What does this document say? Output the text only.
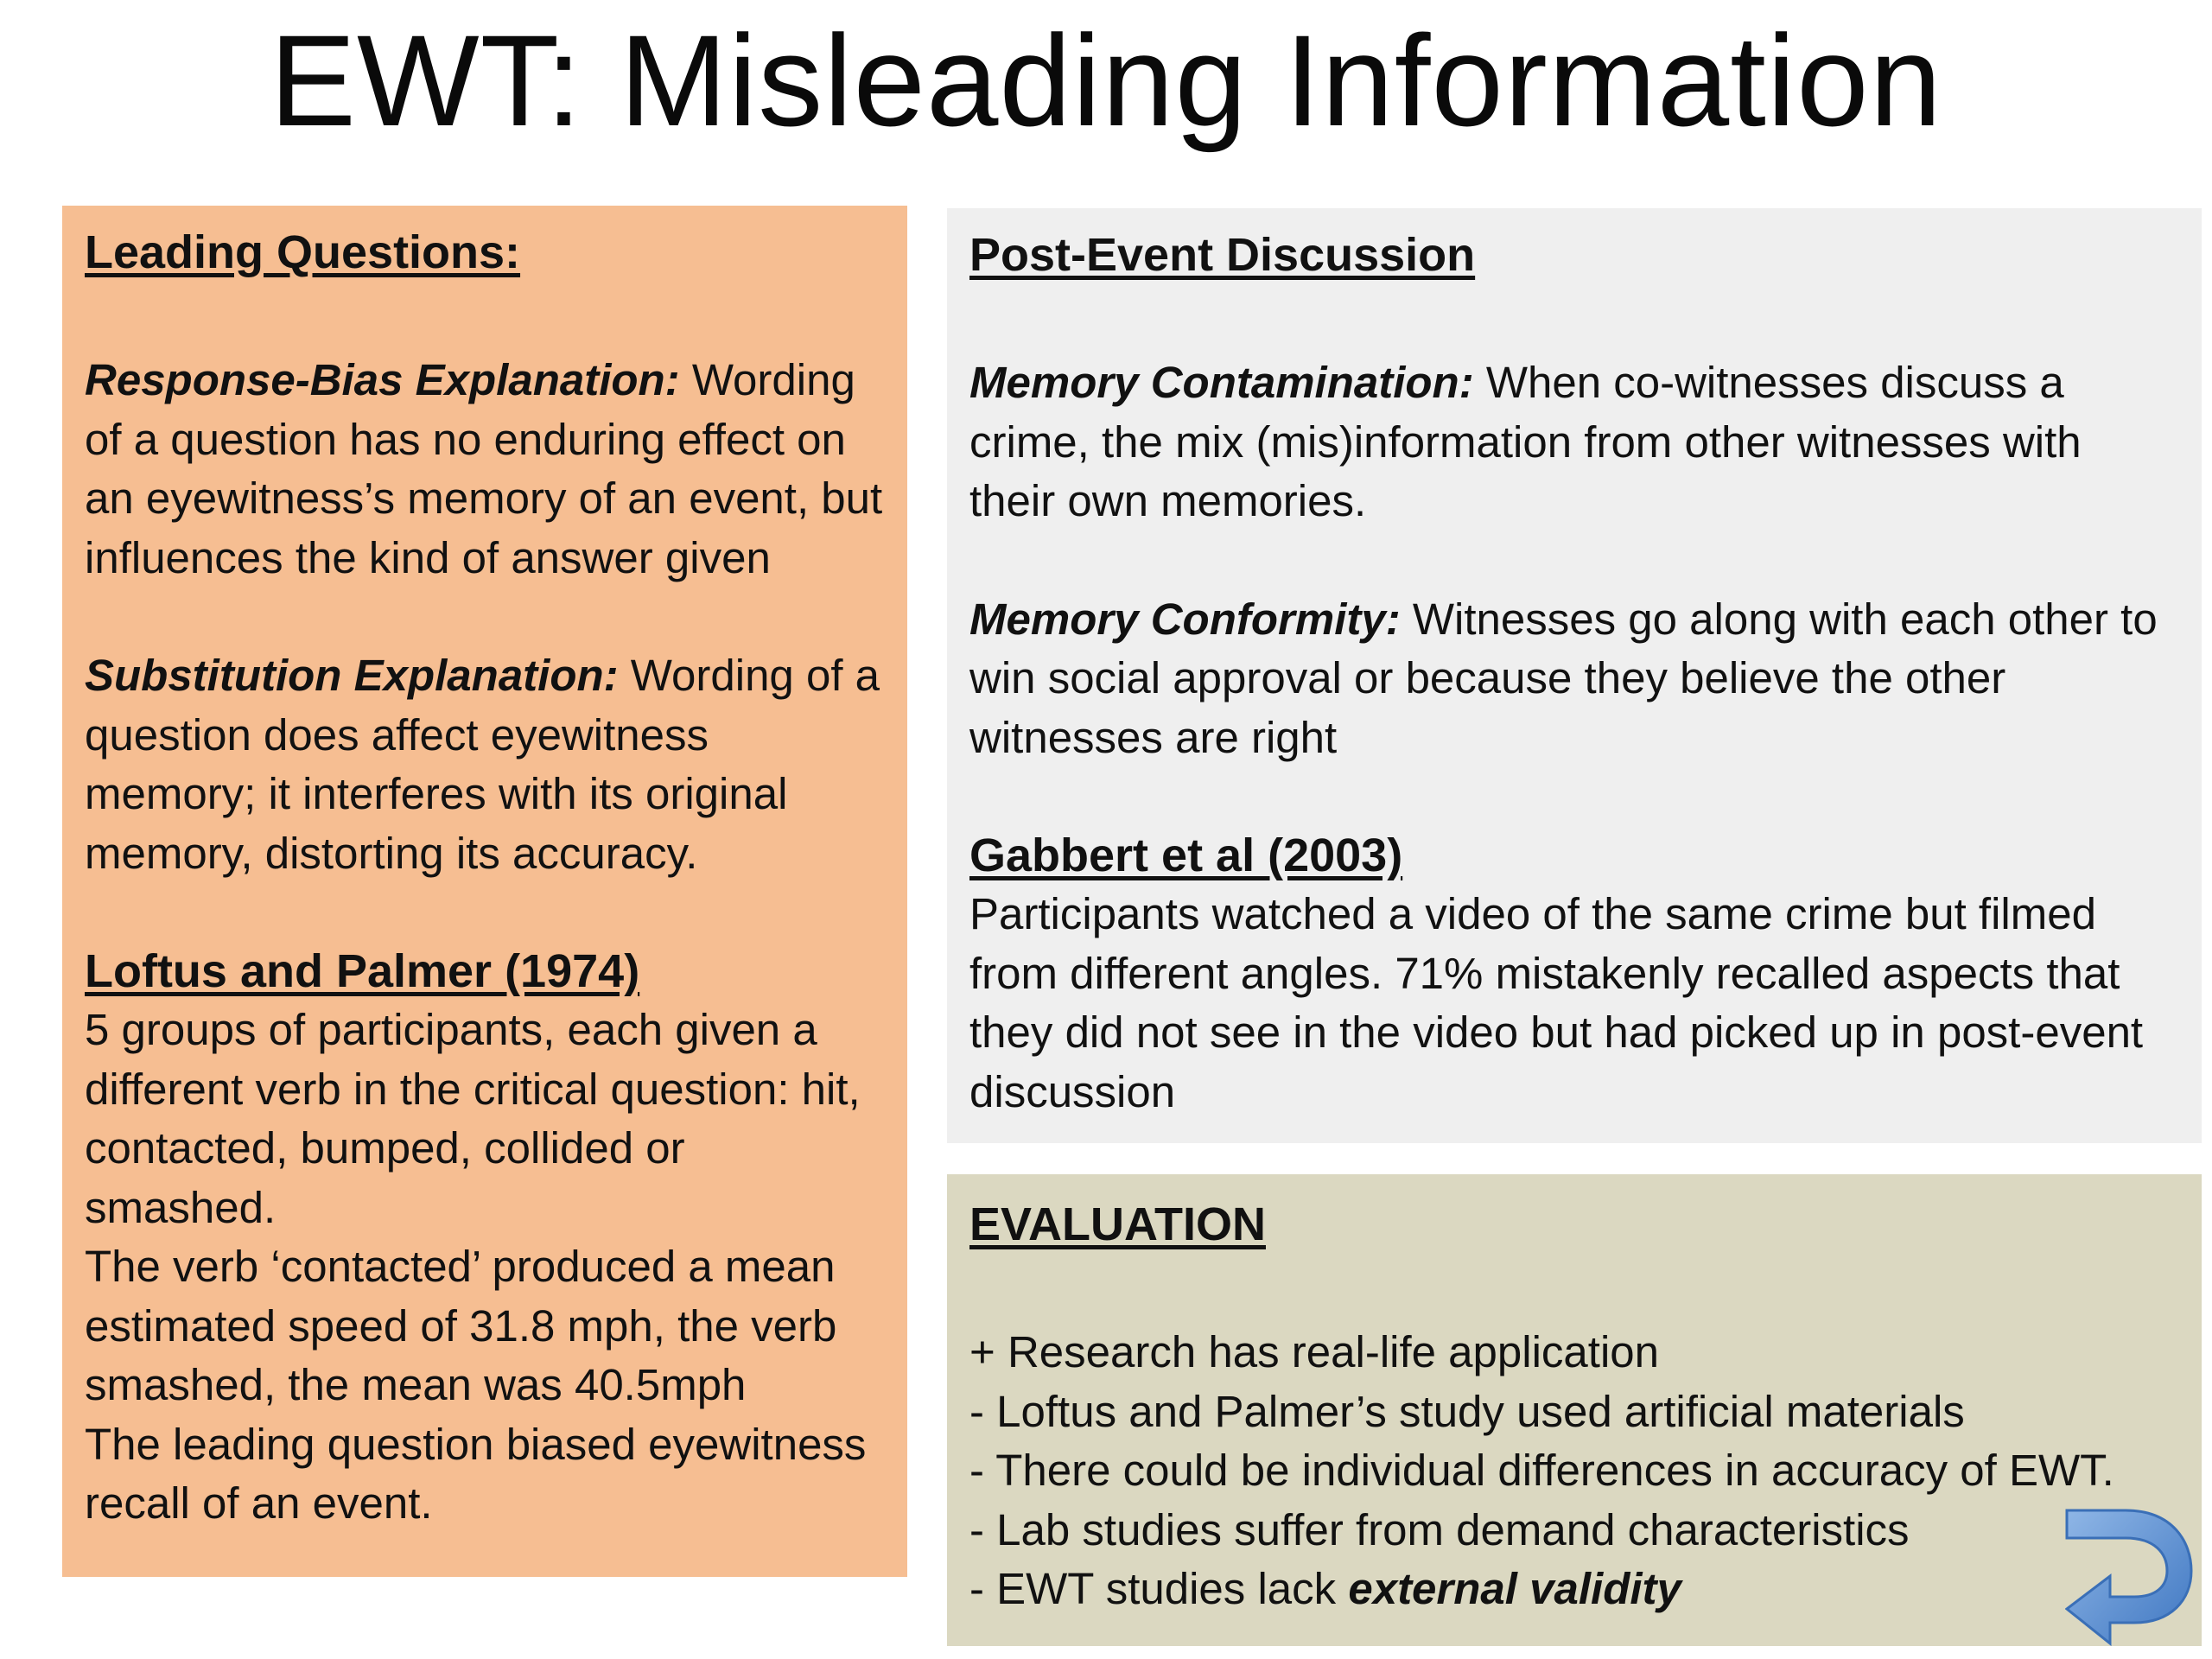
EWT: Misleading Information

Leading Questions:

Response-Bias Explanation: Wording of a question has no enduring effect on an eyewitness’s memory of an event, but influences the kind of answer given

Substitution Explanation: Wording of a question does affect eyewitness memory; it interferes with its original memory, distorting its accuracy.

Loftus and Palmer (1974)

5 groups of participants, each given a different verb in the critical question: hit, contacted, bumped, collided or smashed.

The verb ‘contacted’ produced a mean estimated speed of 31.8 mph, the verb smashed, the mean was 40.5mph

The leading question biased eyewitness recall of an event.

Post-Event Discussion

Memory Contamination: When co-witnesses discuss a crime, the mix (mis)information from other witnesses with their own memories.

Memory Conformity: Witnesses go along with each other to win social approval or because they believe the other witnesses are right

Gabbert et al (2003)

Participants watched a video of the same crime but filmed from different angles. 71% mistakenly recalled aspects that they did not see in the video but had picked up in post-event discussion

EVALUATION

+ Research has real-life application

- Loftus and Palmer’s study used artificial materials

- There could be individual differences in accuracy of EWT.

- Lab studies suffer from demand characteristics

- EWT studies lack external validity
